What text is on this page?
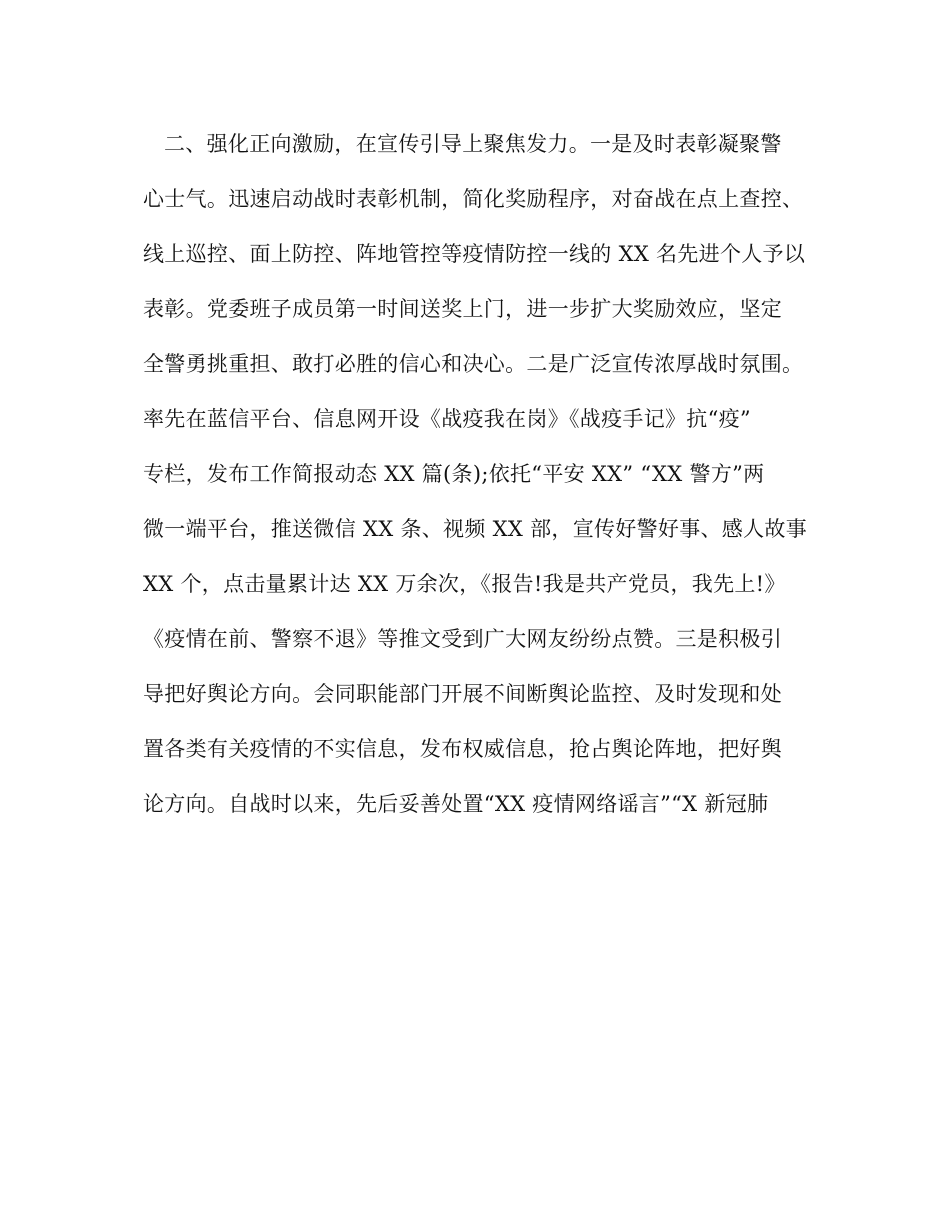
二、强化正向激励，在宣传引导上聚焦发力。一是及时表彰凝聚警
心士气。迅速启动战时表彰机制，简化奖励程序，对奋战在点上查控、
线上巡控、面上防控、阵地管控等疫情防控一线的 XX 名先进个人予以
表彰。党委班子成员第一时间送奖上门，进一步扩大奖励效应，坚定
全警勇挑重担、敢打必胜的信心和决心。二是广泛宣传浓厚战时氛围。
率先在蓝信平台、信息网开设《战疫我在岗》《战疫手记》抗“疫”
专栏，发布工作简报动态 XX 篇(条);依托“平安 XX” “XX 警方”两
微一端平台，推送微信 XX 条、视频 XX 部，宣传好警好事、感人故事
XX 个，点击量累计达 XX 万余次，《报告!我是共产党员，我先上!》
《疫情在前、警察不退》等推文受到广大网友纷纷点赞。三是积极引
导把好舆论方向。会同职能部门开展不间断舆论监控、及时发现和处
置各类有关疫情的不实信息，发布权威信息，抢占舆论阵地，把好舆
论方向。自战时以来，先后妥善处置“XX 疫情网络谣言”“X 新冠肺
